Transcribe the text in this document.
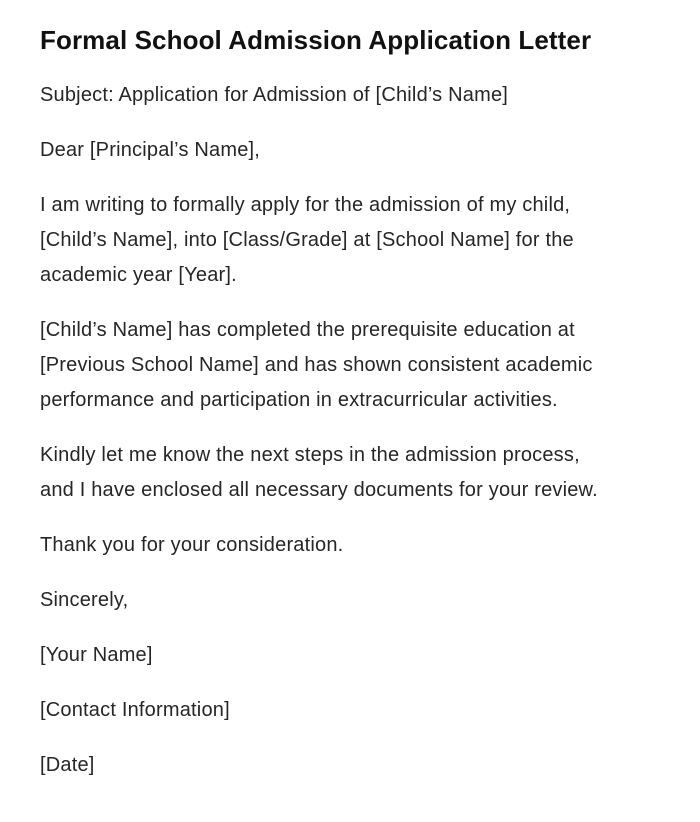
Formal School Admission Application Letter

Subject: Application for Admission of [Child’s Name]

Dear [Principal’s Name],

I am writing to formally apply for the admission of my child, [Child’s Name], into [Class/Grade] at [School Name] for the academic year [Year].

[Child’s Name] has completed the prerequisite education at [Previous School Name] and has shown consistent academic performance and participation in extracurricular activities.

Kindly let me know the next steps in the admission process, and I have enclosed all necessary documents for your review.

Thank you for your consideration.

Sincerely,

[Your Name]

[Contact Information]

[Date]
